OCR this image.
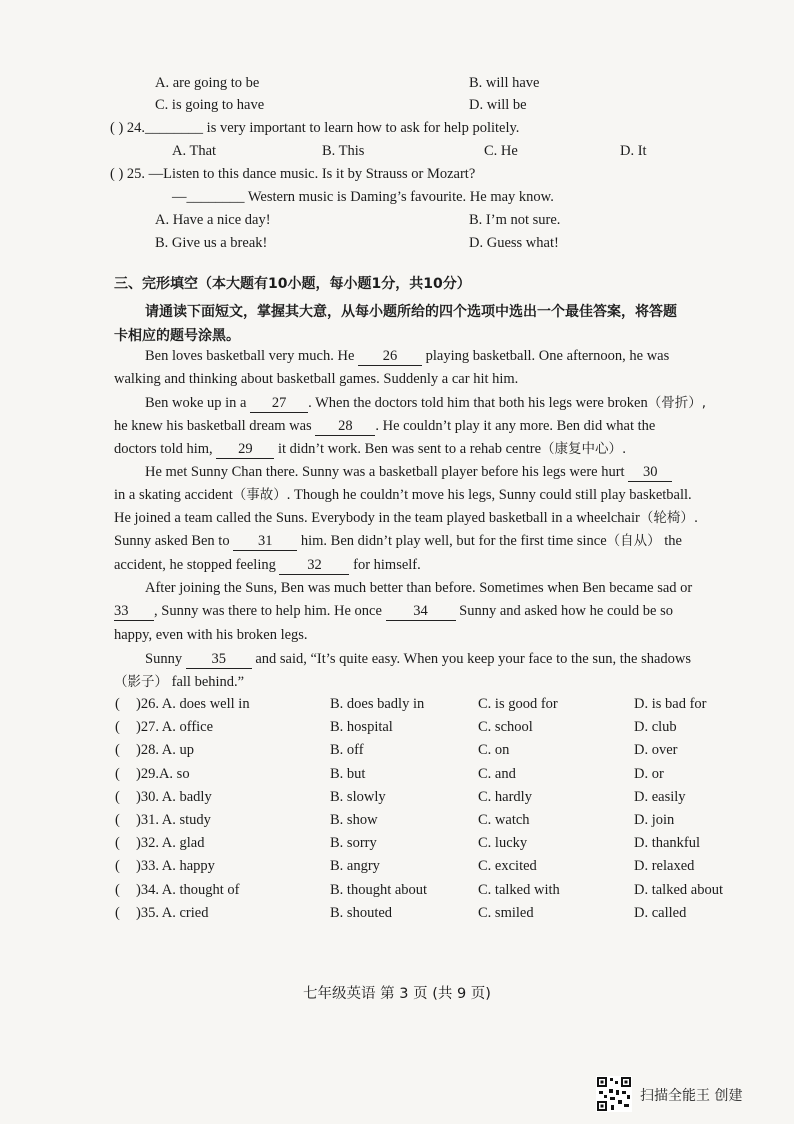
A. are going to be	B. will have
C. is going to have	D. will be
( ) 24.________ is very important to learn how to ask for help politely.
A. That	B. This	C. He	D. It
( ) 25. —Listen to this dance music. Is it by Strauss or Mozart?
—________ Western music is Daming’s favourite. He may know.
A. Have a nice day!	B. I’m not sure.
B. Give us a break!	D. Guess what!
三、完形填空（本大题有10小题，每小题1分，共10分）
请通读下面短文，掌握其大意，从每小题所给的四个选项中选出一个最佳答案，将答题
卡相应的题号涂黑。
Ben loves basketball very much. He 26 playing basketball. One afternoon, he was
walking and thinking about basketball games. Suddenly a car hit him.
Ben woke up in a 27 . When the doctors told him that both his legs were broken（骨折）,
he knew his basketball dream was 28 . He couldn’t play it any more. Ben did what the
doctors told him, 29 it didn’t work. Ben was sent to a rehab centre（康复中心）.
He met Sunny Chan there. Sunny was a basketball player before his legs were hurt 30
in a skating accident（事故）. Though he couldn’t move his legs, Sunny could still play basketball.
He joined a team called the Suns. Everybody in the team played basketball in a wheelchair（轮椅）.
Sunny asked Ben to 31 him. Ben didn’t play well, but for the first time since（自从） the
accident, he stopped feeling 32 for himself.
After joining the Suns, Ben was much better than before. Sometimes when Ben became sad or
33 , Sunny was there to help him. He once 34 Sunny and asked how he could be so
happy, even with his broken legs.
Sunny 35 and said, “It’s quite easy. When you keep your face to the sun, the shadows
（影子） fall behind.”
( )26. A. does well in	B. does badly in	C. is good for	D. is bad for
( )27. A. office	B. hospital	C. school	D. club
( )28. A. up	B. off	C. on	D. over
( )29.A. so	B. but	C. and	D. or
( )30. A. badly	B. slowly	C. hardly	D. easily
( )31. A. study	B. show	C. watch	D. join
( )32. A. glad	B. sorry	C. lucky	D. thankful
( )33. A. happy	B. angry	C. excited	D. relaxed
( )34. A. thought of	B. thought about	C. talked with	D. talked about
( )35. A. cried	B. shouted	C. smiled	D. called
七年级英语 第 3 页 (共 9 页)
扫描全能王 创建
